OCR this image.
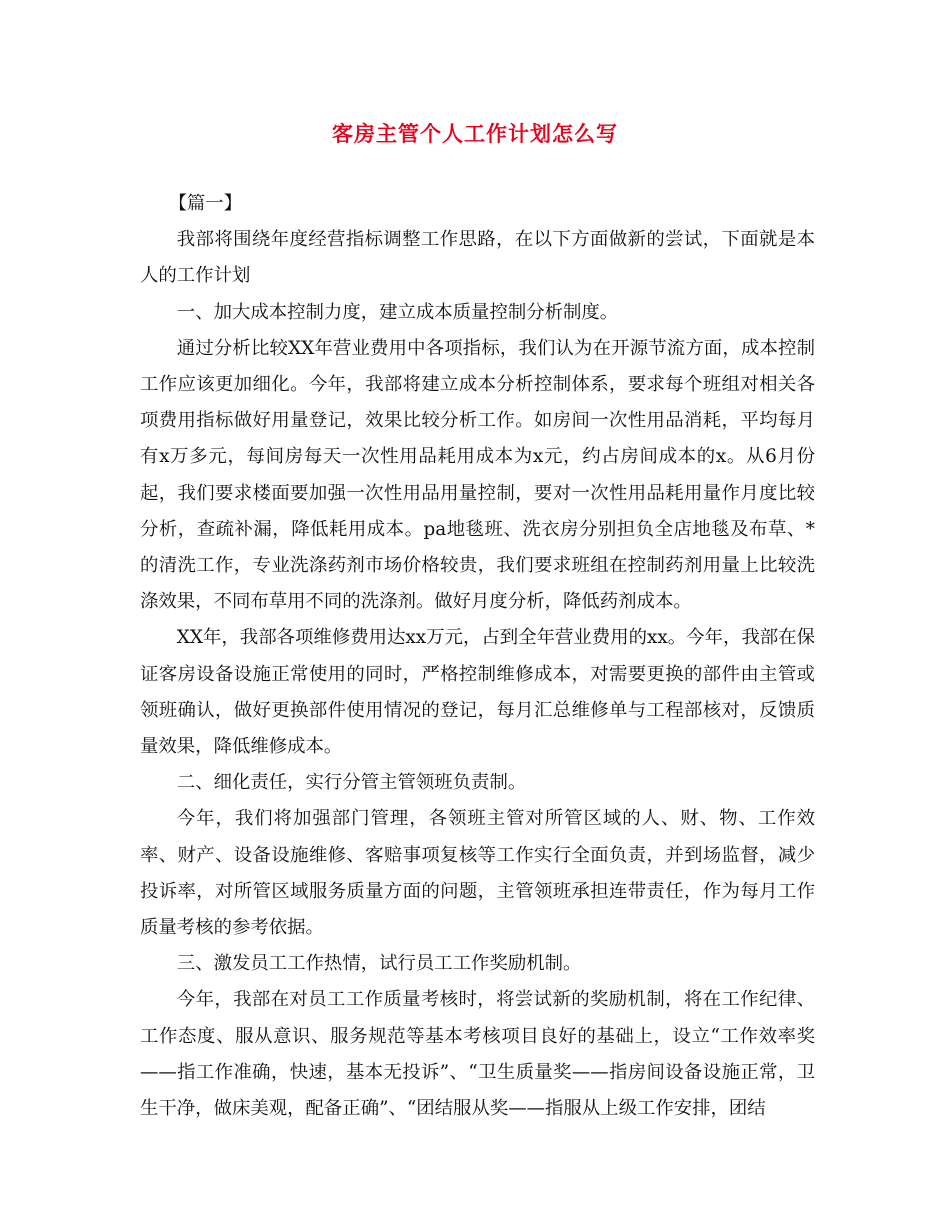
客房主管个人工作计划怎么写

【篇一】

我部将围绕年度经营指标调整工作思路，在以下方面做新的尝试，下面就是本人的工作计划

一、加大成本控制力度，建立成本质量控制分析制度。

通过分析比较XX年营业费用中各项指标，我们认为在开源节流方面，成本控制工作应该更加细化。今年，我部将建立成本分析控制体系，要求每个班组对相关各项费用指标做好用量登记，效果比较分析工作。如房间一次性用品消耗，平均每月有x万多元，每间房每天一次性用品耗用成本为x元，约占房间成本的x。从6月份起，我们要求楼面要加强一次性用品用量控制，要对一次性用品耗用量作月度比较分析，查疏补漏，降低耗用成本。pa地毯班、洗衣房分别担负全店地毯及布草、*的清洗工作，专业洗涤药剂市场价格较贵，我们要求班组在控制药剂用量上比较洗涤效果，不同布草用不同的洗涤剂。做好月度分析，降低药剂成本。

XX年，我部各项维修费用达xx万元，占到全年营业费用的xx。今年，我部在保证客房设备设施正常使用的同时，严格控制维修成本，对需要更换的部件由主管或领班确认，做好更换部件使用情况的登记，每月汇总维修单与工程部核对，反馈质量效果，降低维修成本。

二、细化责任，实行分管主管领班负责制。

今年，我们将加强部门管理，各领班主管对所管区域的人、财、物、工作效率、财产、设备设施维修、客赔事项复核等工作实行全面负责，并到场监督，减少投诉率，对所管区域服务质量方面的问题，主管领班承担连带责任，作为每月工作质量考核的参考依据。

三、激发员工工作热情，试行员工工作奖励机制。

今年，我部在对员工工作质量考核时，将尝试新的奖励机制，将在工作纪律、工作态度、服从意识、服务规范等基本考核项目良好的基础上，设立“工作效率奖——指工作准确，快速，基本无投诉”、“卫生质量奖——指房间设备设施正常，卫生干净，做床美观，配备正确”、“团结服从奖——指服从上级工作安排，团结
